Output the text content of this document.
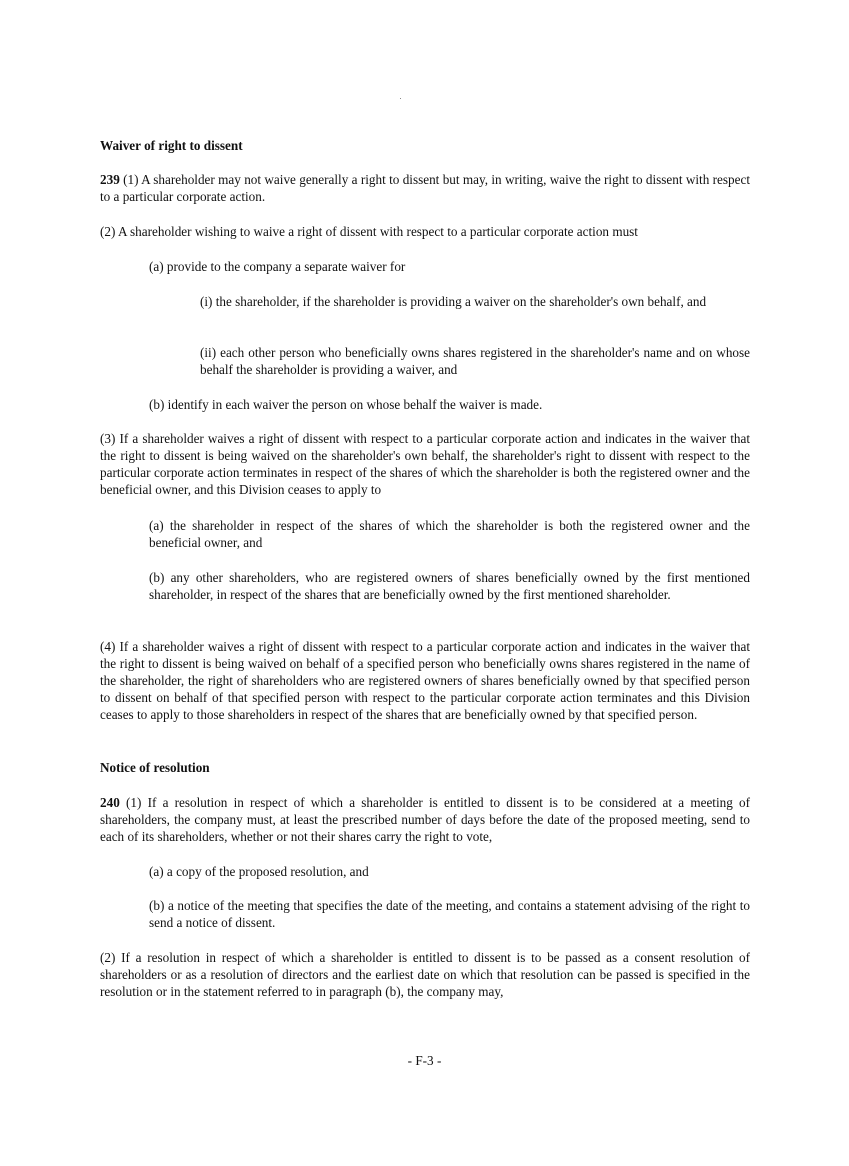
Waiver of right to dissent
239 (1) A shareholder may not waive generally a right to dissent but may, in writing, waive the right to dissent with respect to a particular corporate action.
(2) A shareholder wishing to waive a right of dissent with respect to a particular corporate action must
(a) provide to the company a separate waiver for
(i) the shareholder, if the shareholder is providing a waiver on the shareholder's own behalf, and
(ii) each other person who beneficially owns shares registered in the shareholder's name and on whose behalf the shareholder is providing a waiver, and
(b) identify in each waiver the person on whose behalf the waiver is made.
(3) If a shareholder waives a right of dissent with respect to a particular corporate action and indicates in the waiver that the right to dissent is being waived on the shareholder's own behalf, the shareholder's right to dissent with respect to the particular corporate action terminates in respect of the shares of which the shareholder is both the registered owner and the beneficial owner, and this Division ceases to apply to
(a) the shareholder in respect of the shares of which the shareholder is both the registered owner and the beneficial owner, and
(b) any other shareholders, who are registered owners of shares beneficially owned by the first mentioned shareholder, in respect of the shares that are beneficially owned by the first mentioned shareholder.
(4) If a shareholder waives a right of dissent with respect to a particular corporate action and indicates in the waiver that the right to dissent is being waived on behalf of a specified person who beneficially owns shares registered in the name of the shareholder, the right of shareholders who are registered owners of shares beneficially owned by that specified person to dissent on behalf of that specified person with respect to the particular corporate action terminates and this Division ceases to apply to those shareholders in respect of the shares that are beneficially owned by that specified person.
Notice of resolution
240 (1) If a resolution in respect of which a shareholder is entitled to dissent is to be considered at a meeting of shareholders, the company must, at least the prescribed number of days before the date of the proposed meeting, send to each of its shareholders, whether or not their shares carry the right to vote,
(a) a copy of the proposed resolution, and
(b) a notice of the meeting that specifies the date of the meeting, and contains a statement advising of the right to send a notice of dissent.
(2) If a resolution in respect of which a shareholder is entitled to dissent is to be passed as a consent resolution of shareholders or as a resolution of directors and the earliest date on which that resolution can be passed is specified in the resolution or in the statement referred to in paragraph (b), the company may,
- F-3 -
